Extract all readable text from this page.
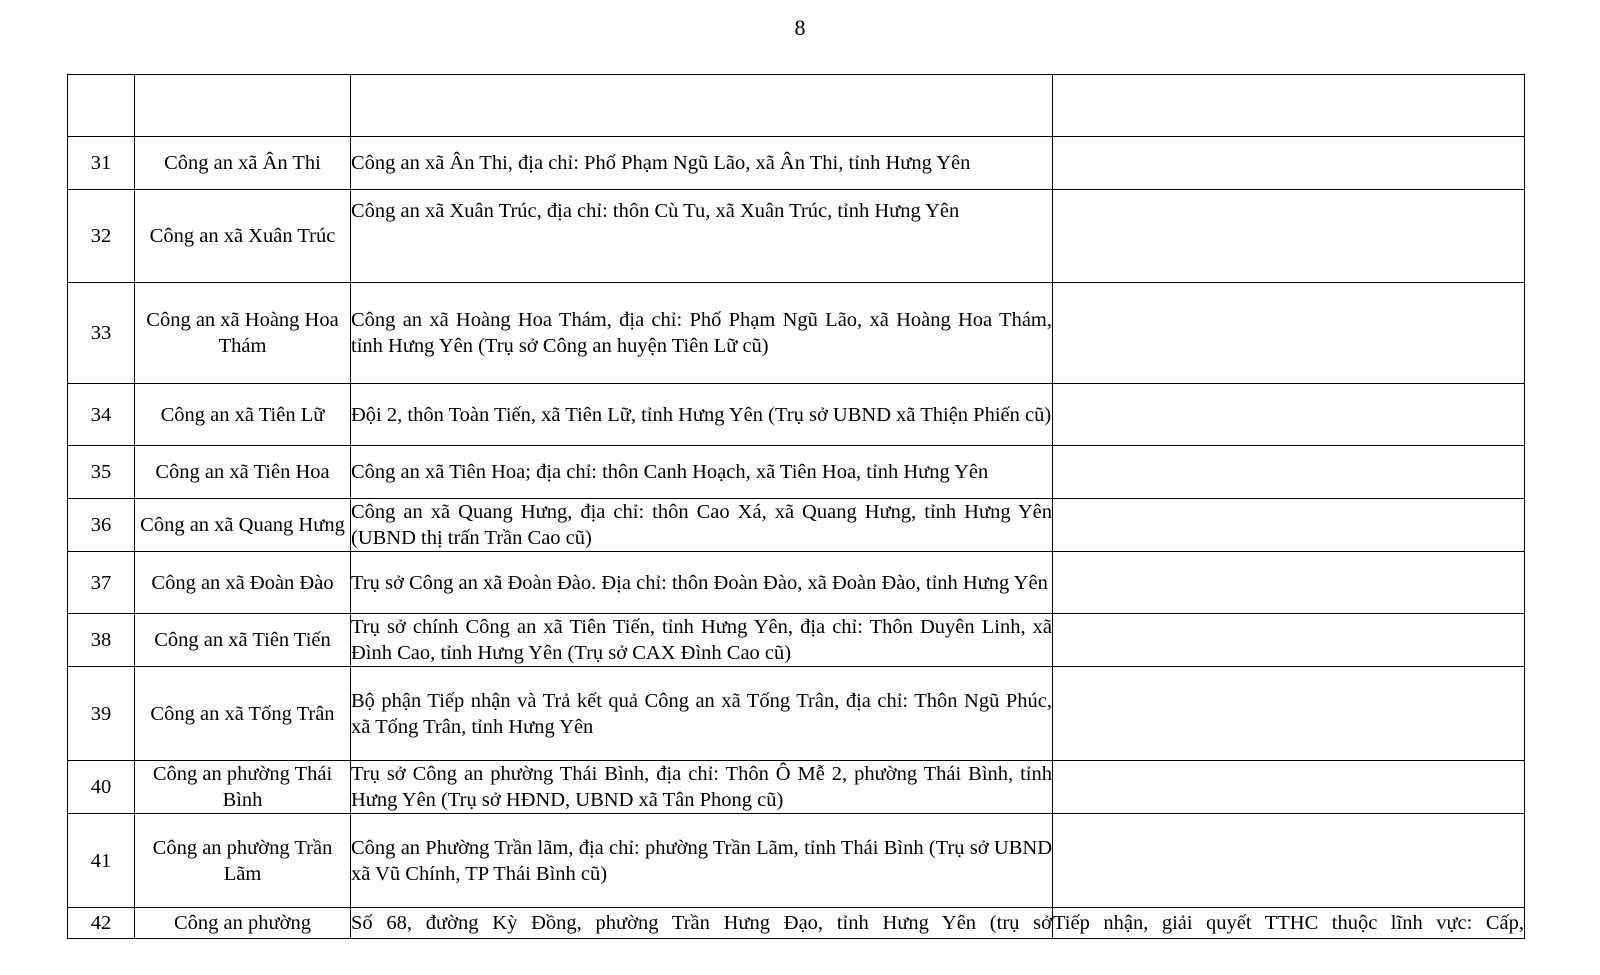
8

31	Công an xã Ân Thi	Công an xã Ân Thi, địa chỉ: Phố Phạm Ngũ Lão, xã Ân Thi, tỉnh Hưng Yên	
32	Công an xã Xuân Trúc	Công an xã Xuân Trúc, địa chỉ: thôn Cù Tu, xã Xuân Trúc, tỉnh Hưng Yên	
33	Công an xã Hoàng Hoa Thám	Công an xã Hoàng Hoa Thám, địa chỉ: Phố Phạm Ngũ Lão, xã Hoàng Hoa Thám, tỉnh Hưng Yên (Trụ sở Công an huyện Tiên Lữ cũ)	
34	Công an xã Tiên Lữ	Đội 2, thôn Toàn Tiến, xã Tiên Lữ, tỉnh Hưng Yên (Trụ sở UBND xã Thiện Phiến cũ)	
35	Công an xã Tiên Hoa	Công an xã Tiên Hoa; địa chỉ: thôn Canh Hoạch, xã Tiên Hoa, tỉnh Hưng Yên	
36	Công an xã Quang Hưng	Công an xã Quang Hưng, địa chỉ: thôn Cao Xá, xã Quang Hưng, tỉnh Hưng Yên (UBND thị trấn Trần Cao cũ)	
37	Công an xã Đoàn Đào	Trụ sở Công an xã Đoàn Đào. Địa chỉ: thôn Đoàn Đào, xã Đoàn Đào, tỉnh Hưng Yên	
38	Công an xã Tiên Tiến	Trụ sở chính Công an xã Tiên Tiến, tỉnh Hưng Yên, địa chỉ: Thôn Duyên Linh, xã Đình Cao, tỉnh Hưng Yên (Trụ sở CAX Đình Cao cũ)	
39	Công an xã Tống Trân	Bộ phận Tiếp nhận và Trả kết quả Công an xã Tống Trân, địa chỉ: Thôn Ngũ Phúc, xã Tống Trân, tỉnh Hưng Yên	
40	Công an phường Thái Bình	Trụ sở Công an phường Thái Bình, địa chỉ: Thôn Ô Mễ 2, phường Thái Bình, tỉnh Hưng Yên (Trụ sở HĐND, UBND xã Tân Phong cũ)	
41	Công an phường Trần Lãm	Công an Phường Trần lãm, địa chỉ: phường Trần Lãm, tỉnh Thái Bình (Trụ sở UBND xã Vũ Chính, TP Thái Bình cũ)	
42	Công an phường	Số 68, đường Kỳ Đồng, phường Trần Hưng Đạo, tỉnh Hưng Yên (trụ sở	Tiếp nhận, giải quyết TTHC thuộc lĩnh vực: Cấp,
